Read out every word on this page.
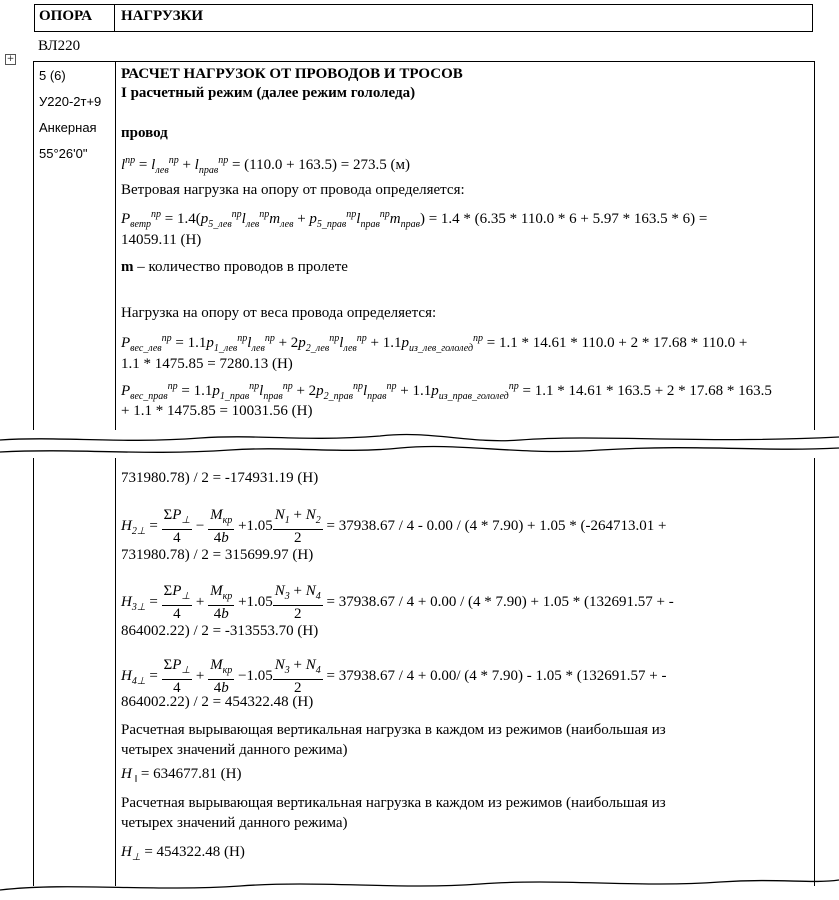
ОПОРА	НАГРУЗКИ
ВЛ220
+
5 (6)
У220-2т+9
Анкерная
55°26'0"
РАСЧЕТ НАГРУЗОК ОТ ПРОВОДОВ И ТРОСОВ
I расчетный режим (далее режим гололеда)
провод
$l^{пр} = l_{лев}^{пр} + l_{прав}^{пр} = (110.0 + 163.5) = 273.5$ (м)
Ветровая нагрузка на опору от провода определяется:
$P_{ветр}^{пр} = 1.4(p_{5\_лев}^{пр}l_{лев}^{пр}m_{лев} + p_{5\_прав}^{пр}l_{прав}^{пр}m_{прав}) = 1.4 * (6.35 * 110.0 * 6 + 5.97 * 163.5 * 6)$ =
14059.11 (Н)
m – количество проводов в пролете
Нагрузка на опору от веса провода определяется:
$P_{вес\_лев}^{пр} = 1.1p_{1\_лев}^{пр}l_{лев}^{пр} + 2p_{2\_лев}^{пр}l_{лев}^{пр} + 1.1p_{из\_лев\_гололед}^{пр} = 1.1 * 14.61 * 110.0 + 2 * 17.68 * 110.0$ +
1.1 * 1475.85 = 7280.13 (Н)
$P_{вес\_прав}^{пр} = 1.1p_{1\_прав}^{пр}l_{прав}^{пр} + 2p_{2\_прав}^{пр}l_{прав}^{пр} + 1.1p_{из\_прав\_гололед}^{пр} = 1.1 * 14.61 * 163.5 + 2 * 17.68 * 163.5$
+ 1.1 * 1475.85 = 10031.56 (Н)
731980.78) / 2 = -174931.19 (Н)
$H_{2\perp} = \frac{\Sigma P_\perp}{4} - \frac{M_{кр}}{4b} +1.05 \frac{N_1 + N_2}{2} = 37938.67 / 4 - 0.00 / (4 * 7.90) + 1.05 * (-264713.01$ +
731980.78) / 2 = 315699.97 (Н)
$H_{3\perp} = \frac{\Sigma P_\perp}{4} + \frac{M_{кр}}{4b} +1.05 \frac{N_3 + N_4}{2} = 37938.67 / 4 + 0.00 / (4 * 7.90) + 1.05 * (132691.57$ + -
864002.22) / 2 = -313553.70 (Н)
$H_{4\perp} = \frac{\Sigma P_\perp}{4} + \frac{M_{кр}}{4b} -1.05 \frac{N_3 + N_4}{2} = 37938.67 / 4 + 0.00/$ (4 * 7.90) - 1.05 * (132691.57 + -
864002.22) / 2 = 454322.48 (Н)
Расчетная вырывающая вертикальная нагрузка в каждом из режимов (наибольшая из
четырех значений данного режима)
H $_‖$ = 634677.81 (Н)
Расчетная вырывающая вертикальная нагрузка в каждом из режимов (наибольшая из
четырех значений данного режима)
$H_\perp = 454322.48$ (Н)
